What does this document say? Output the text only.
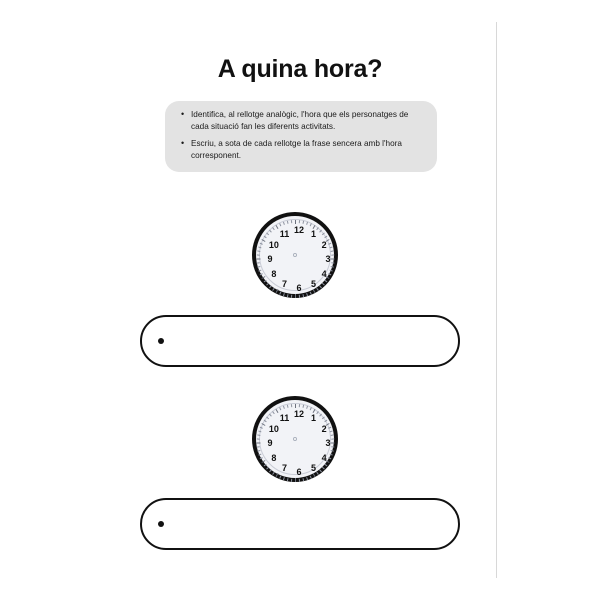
A quina hora?
• Identifica, al rellotge analògic, l'hora que els personatges de cada situació fan les diferents activitats.
• Escriu, a sota de cada rellotge la frase sencera amb l'hora corresponent.
1
2
3
4
5
6
7
8
9
10
11 12
1
2
3
4
5
6
7
8
9
10
11 12
